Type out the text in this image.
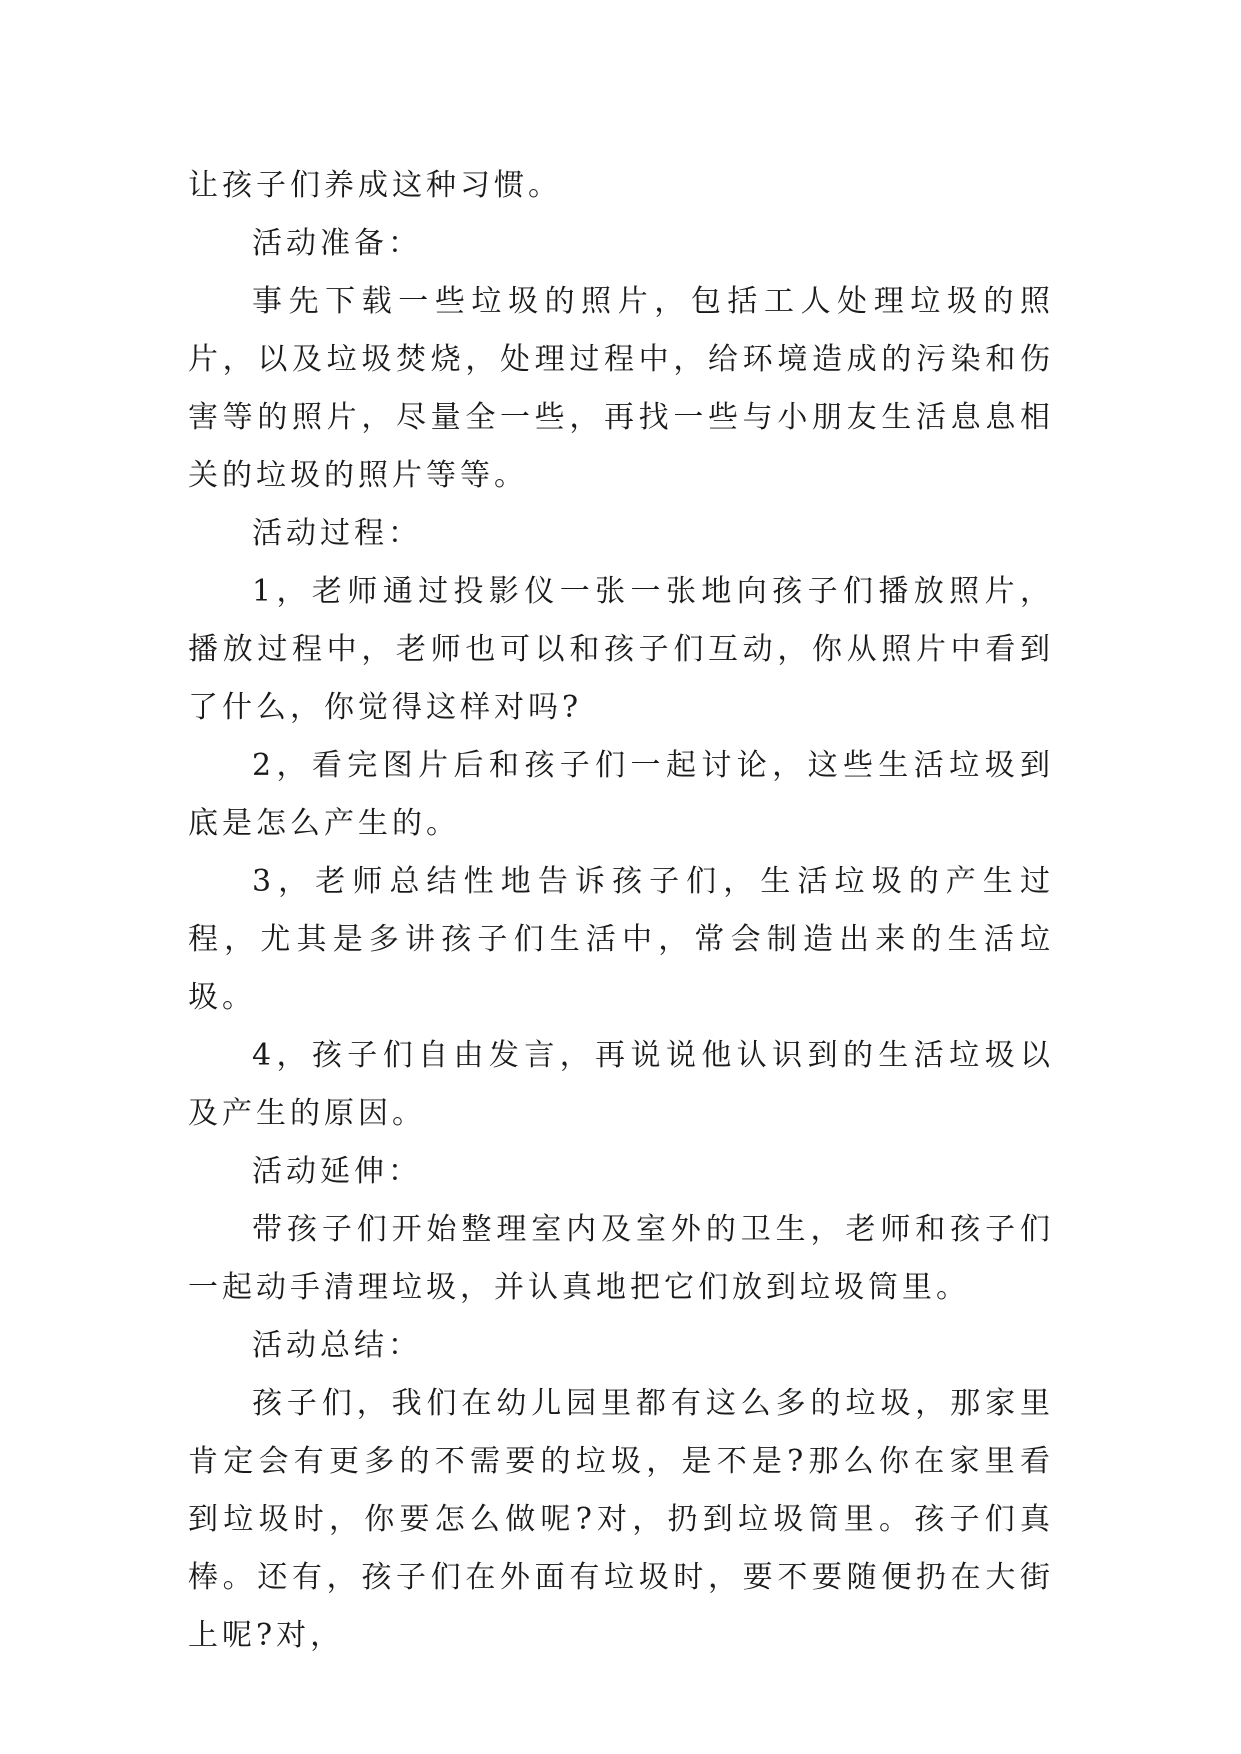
让孩子们养成这种习惯。

活动准备：

事先下载一些垃圾的照片，包括工人处理垃圾的照片，以及垃圾焚烧，处理过程中，给环境造成的污染和伤害等的照片，尽量全一些，再找一些与小朋友生活息息相关的垃圾的照片等等。

活动过程：

1，老师通过投影仪一张一张地向孩子们播放照片，播放过程中，老师也可以和孩子们互动，你从照片中看到了什么，你觉得这样对吗?

2，看完图片后和孩子们一起讨论，这些生活垃圾到底是怎么产生的。

3，老师总结性地告诉孩子们，生活垃圾的产生过程，尤其是多讲孩子们生活中，常会制造出来的生活垃圾。

4，孩子们自由发言，再说说他认识到的生活垃圾以及产生的原因。

活动延伸：

带孩子们开始整理室内及室外的卫生，老师和孩子们一起动手清理垃圾，并认真地把它们放到垃圾筒里。

活动总结：

孩子们，我们在幼儿园里都有这么多的垃圾，那家里肯定会有更多的不需要的垃圾，是不是?那么你在家里看到垃圾时，你要怎么做呢?对，扔到垃圾筒里。孩子们真棒。还有，孩子们在外面有垃圾时，要不要随便扔在大街上呢?对，
